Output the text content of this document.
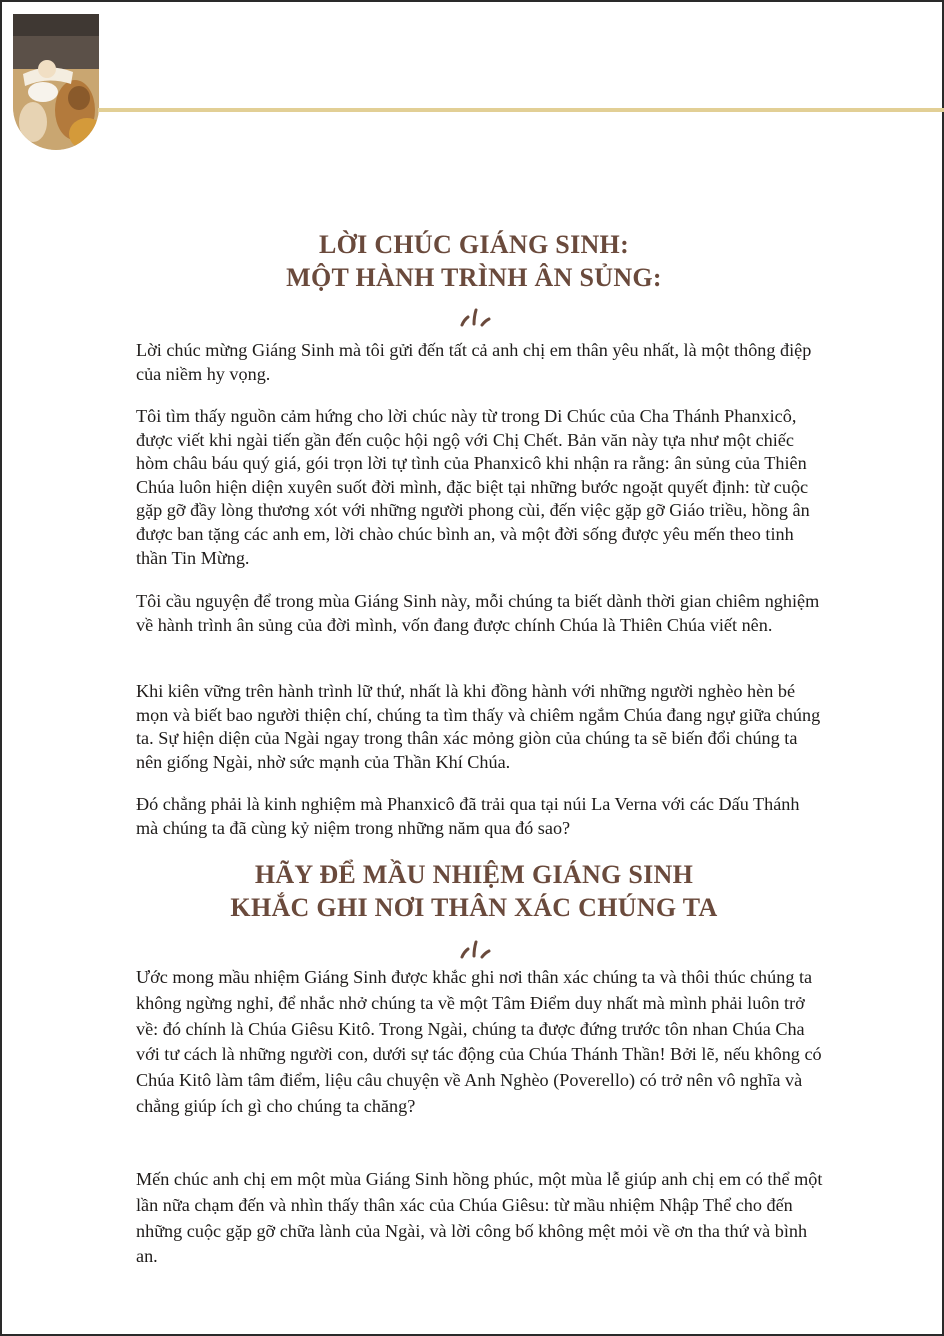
LỜI CHÚC GIÁNG SINH:
MỘT HÀNH TRÌNH ÂN SỦNG:

Lời chúc mừng Giáng Sinh mà tôi gửi đến tất cả anh chị em thân yêu nhất, là một thông điệp của niềm hy vọng.

Tôi tìm thấy nguồn cảm hứng cho lời chúc này từ trong Di Chúc của Cha Thánh Phanxicô, được viết khi ngài tiến gần đến cuộc hội ngộ với Chị Chết. Bản văn này tựa như một chiếc hòm châu báu quý giá, gói trọn lời tự tình của Phanxicô khi nhận ra rằng: ân sủng của Thiên Chúa luôn hiện diện xuyên suốt đời mình, đặc biệt tại những bước ngoặt quyết định: từ cuộc gặp gỡ đầy lòng thương xót với những người phong cùi, đến việc gặp gỡ Giáo triều, hồng ân được ban tặng các anh em, lời chào chúc bình an, và một đời sống được yêu mến theo tinh thần Tin Mừng.

Tôi cầu nguyện để trong mùa Giáng Sinh này, mỗi chúng ta biết dành thời gian chiêm nghiệm về hành trình ân sủng của đời mình, vốn đang được chính Chúa là Thiên Chúa viết nên.

Khi kiên vững trên hành trình lữ thứ, nhất là khi đồng hành với những người nghèo hèn bé mọn và biết bao người thiện chí, chúng ta tìm thấy và chiêm ngắm Chúa đang ngự giữa chúng ta. Sự hiện diện của Ngài ngay trong thân xác mỏng giòn của chúng ta sẽ biến đổi chúng ta nên giống Ngài, nhờ sức mạnh của Thần Khí Chúa.

Đó chẳng phải là kinh nghiệm mà Phanxicô đã trải qua tại núi La Verna với các Dấu Thánh mà chúng ta đã cùng kỷ niệm trong những năm qua đó sao?

HÃY ĐỂ MẦU NHIỆM GIÁNG SINH
KHẮC GHI NƠI THÂN XÁC CHÚNG TA

Ước mong mầu nhiệm Giáng Sinh được khắc ghi nơi thân xác chúng ta và thôi thúc chúng ta không ngừng nghỉ, để nhắc nhở chúng ta về một Tâm Điểm duy nhất mà mình phải luôn trở về: đó chính là Chúa Giêsu Kitô. Trong Ngài, chúng ta được đứng trước tôn nhan Chúa Cha với tư cách là những người con, dưới sự tác động của Chúa Thánh Thần! Bởi lẽ, nếu không có Chúa Kitô làm tâm điểm, liệu câu chuyện về Anh Nghèo (Poverello) có trở nên vô nghĩa và chẳng giúp ích gì cho chúng ta chăng?

Mến chúc anh chị em một mùa Giáng Sinh hồng phúc, một mùa lễ giúp anh chị em có thể một lần nữa chạm đến và nhìn thấy thân xác của Chúa Giêsu: từ mầu nhiệm Nhập Thể cho đến những cuộc gặp gỡ chữa lành của Ngài, và lời công bố không mệt mỏi về ơn tha thứ và bình an.
